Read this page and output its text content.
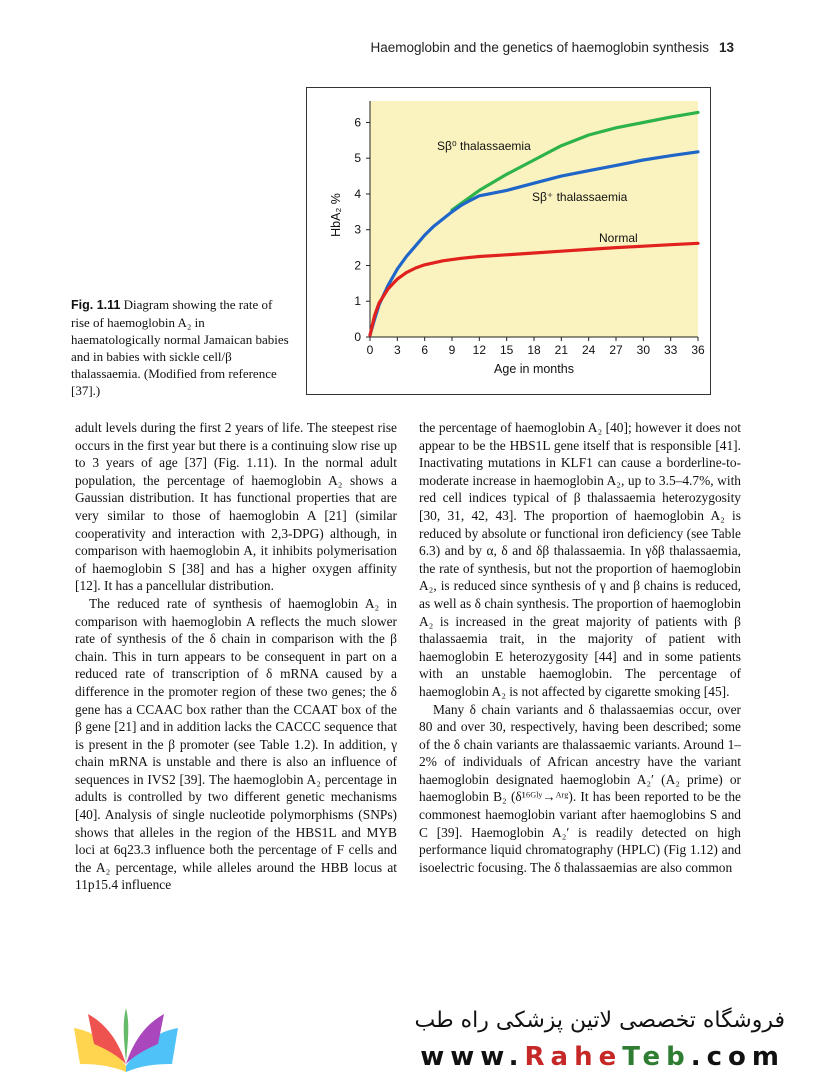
Haemoglobin and the genetics of haemoglobin synthesis 13
0 3 6 9 12 15 18 21 24 27 30 33 36
0
1
2
3
4
5
6
Age in months
HbA₂ %
Sβ⁰ thalassaemia
Sβ⁺ thalassaemia
Normal
Fig. 1.11 Diagram showing the rate of rise of haemoglobin A₂ in haematologically normal Jamaican babies and in babies with sickle cell/β thalassaemia. (Modified from reference [37].)

adult levels during the first 2 years of life. The steepest rise occurs in the first year but there is a continuing slow rise up to 3 years of age [37] (Fig. 1.11). In the normal adult population, the percentage of haemoglobin A₂ shows a Gaussian distribution. It has functional properties that are very similar to those of haemoglobin A [21] (similar cooperativity and interaction with 2,3-DPG) although, in comparison with haemoglobin A, it inhibits polymerisation of haemoglobin S [38] and has a higher oxygen affinity [12]. It has a pancellular distribution.

The reduced rate of synthesis of haemoglobin A₂ in comparison with haemoglobin A reflects the much slower rate of synthesis of the δ chain in comparison with the β chain. This in turn appears to be consequent in part on a reduced rate of transcription of δ mRNA caused by a difference in the promoter region of these two genes; the δ gene has a CCAAC box rather than the CCAAT box of the β gene [21] and in addition lacks the CACCC sequence that is present in the β promoter (see Table 1.2). In addition, γ chain mRNA is unstable and there is also an influence of sequences in IVS2 [39]. The haemoglobin A₂ percentage in adults is controlled by two different genetic mechanisms [40]. Analysis of single nucleotide polymorphisms (SNPs) shows that alleles in the region of the HBS1L and MYB loci at 6q23.3 influence both the percentage of F cells and the A₂ percentage, while alleles around the HBB locus at 11p15.4 influence

the percentage of haemoglobin A₂ [40]; however it does not appear to be the HBS1L gene itself that is responsible [41]. Inactivating mutations in KLF1 can cause a borderline-to-moderate increase in haemoglobin A₂, up to 3.5–4.7%, with red cell indices typical of β thalassaemia heterozygosity [30, 31, 42, 43]. The proportion of haemoglobin A₂ is reduced by absolute or functional iron deficiency (see Table 6.3) and by α, δ and δβ thalassaemia. In γδβ thalassaemia, the rate of synthesis, but not the proportion of haemoglobin A₂, is reduced since synthesis of γ and β chains is reduced, as well as δ chain synthesis. The proportion of haemoglobin A₂ is increased in the great majority of patients with β thalassaemia trait, in the majority of patient with haemoglobin E heterozygosity [44] and in some patients with an unstable haemoglobin. The percentage of haemoglobin A₂ is not affected by cigarette smoking [45].

Many δ chain variants and δ thalassaemias occur, over 80 and over 30, respectively, having been described; some of the δ chain variants are thalassaemic variants. Around 1–2% of individuals of African ancestry have the variant haemoglobin designated haemoglobin A₂′ (A₂ prime) or haemoglobin B₂ (δ¹⁶ᴳˡʸ→ᴬʳᵍ). It has been reported to be the commonest haemoglobin variant after haemoglobins S and C [39]. Haemoglobin A₂′ is readily detected on high performance liquid chromatography (HPLC) (Fig 1.12) and isoelectric focusing. The δ thalassaemias are also common

فروشگاه تخصصی لاتین پزشکی راه طب
www.RaheTeb.com
